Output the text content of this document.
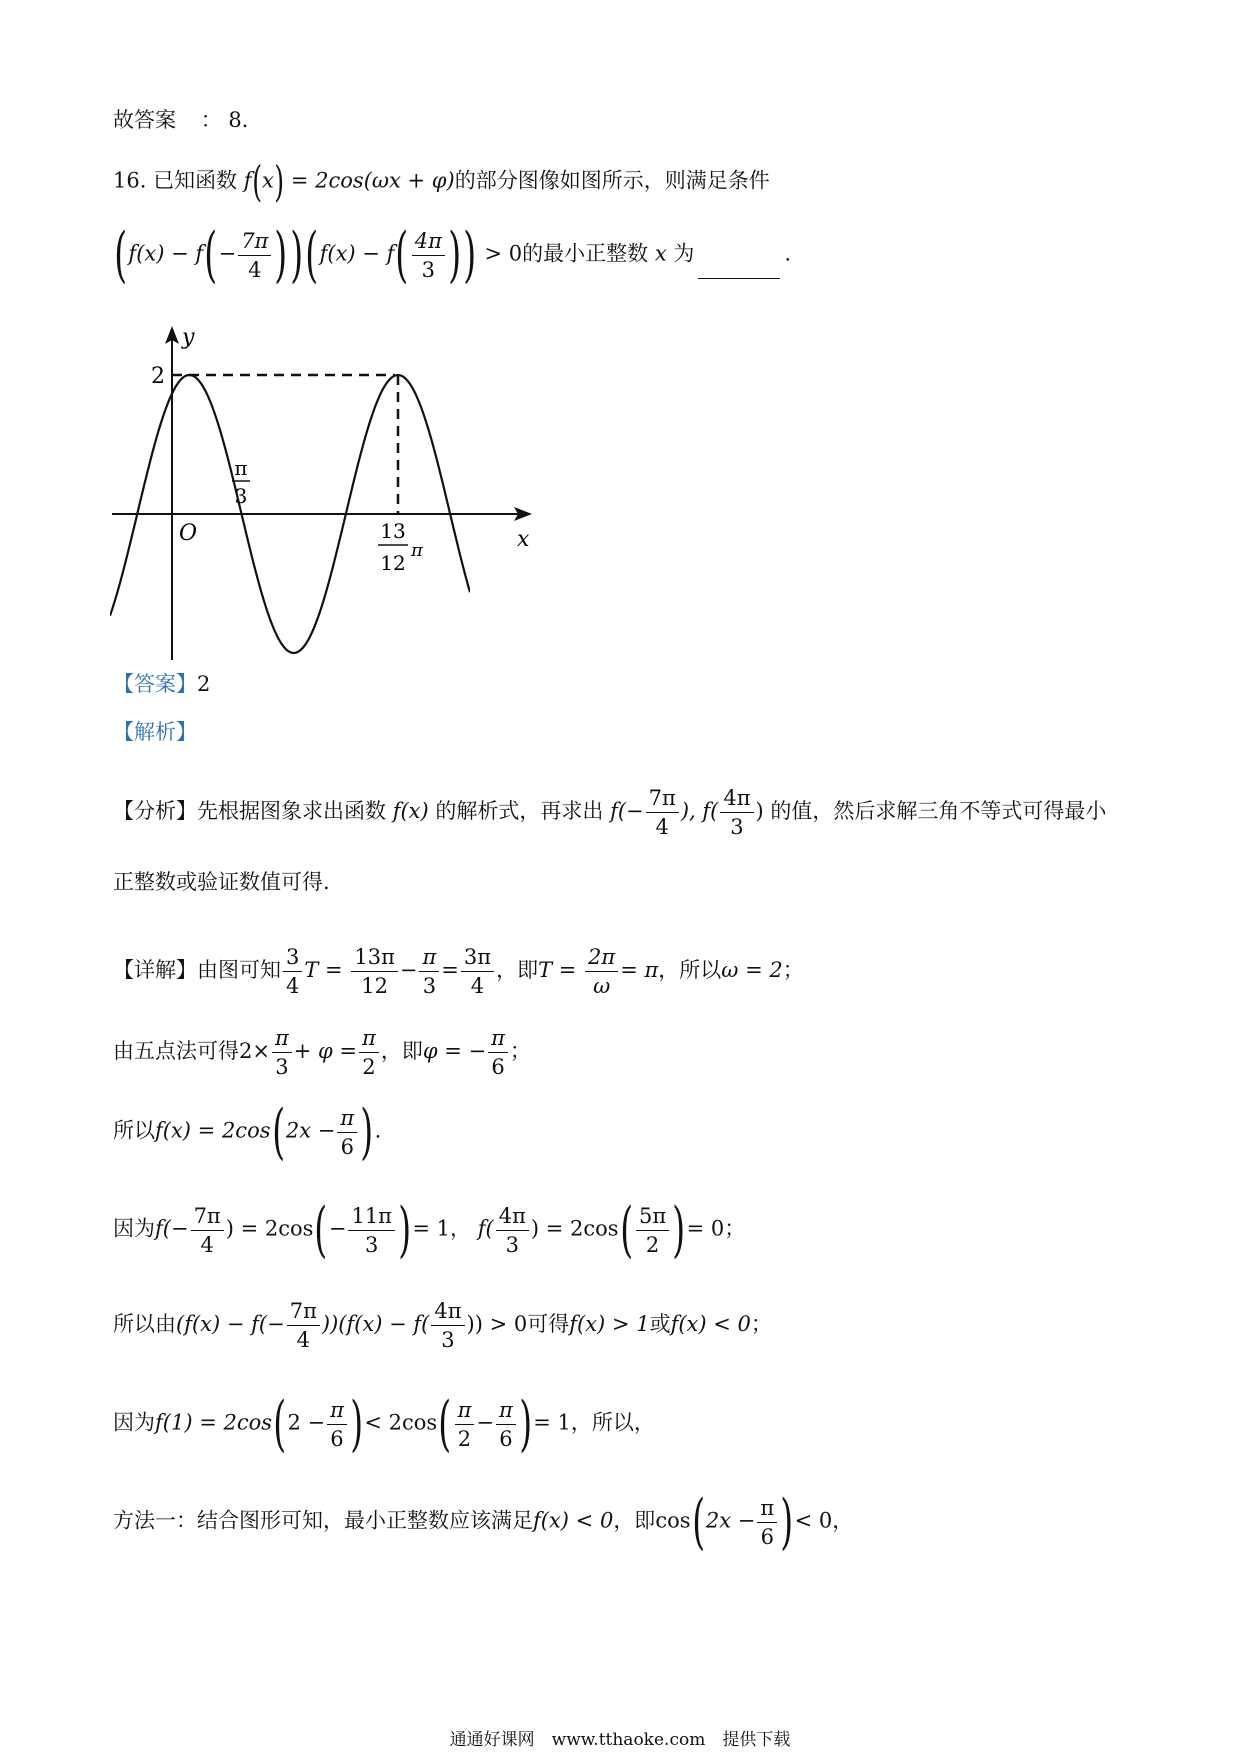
故答案 ： 8．
16. 已知函数 f(x) = 2cos(ωx + φ)的部分图像如图所示，则满足条件
$(f(x) - f(- \frac{7\pi}{4} ))(f(x) - f( \frac{4\pi}{3}$ )) > 0的最小正整数 x 为	.
y
x
O
2
π
3
13
12
π
【答案】2
【解析】
【分析】先根据图象求出函数 f(x) 的解析式，再求出 $f(- \frac{7\pi}{4}$ ), $f( \frac{4\pi}{3}$ ) 的值，然后求解三角不等式可得最小
正整数或验证数值可得.
【详解】由图可知 $\frac{3}{4}$ $T = \frac{13\pi}{12} - \frac{\pi}{3} = \frac{3\pi}{4}$ ，即$T = \frac{2\pi}{\omega} = \pi$，所以ω = 2；
由五点法可得$2\times \frac{\pi}{3} + \varphi = \frac{\pi}{2}$ ，即φ = − $\frac{\pi}{6}$ ；
所以$f(x) = 2\cos(2x - \frac{\pi}{6}$ ).
因为$f(- \frac{7\pi}{4}$ ) = $2\cos(- \frac{11\pi}{3}$ )= 1， $f( \frac{4\pi}{3}$ ) = $2\cos( \frac{5\pi}{2}$ )= 0；
所以由$(f(x) - f(- \frac{7\pi}{4} ))(f(x) - f( \frac{4\pi}{3}$ )) > 0可得f(x) > 1或f(x) < 0；
因为$f(1) = 2\cos(2 - \frac{\pi}{6}$ )< $2\cos( \frac{\pi}{2} - \frac{\pi}{6}$ )= 1，所以，
方法一：结合图形可知，最小正整数应该满足f(x) < 0，即$\cos(2x - \frac{\pi}{6}$ )< 0，
通通好课网　www.tthaoke.com　提供下载
